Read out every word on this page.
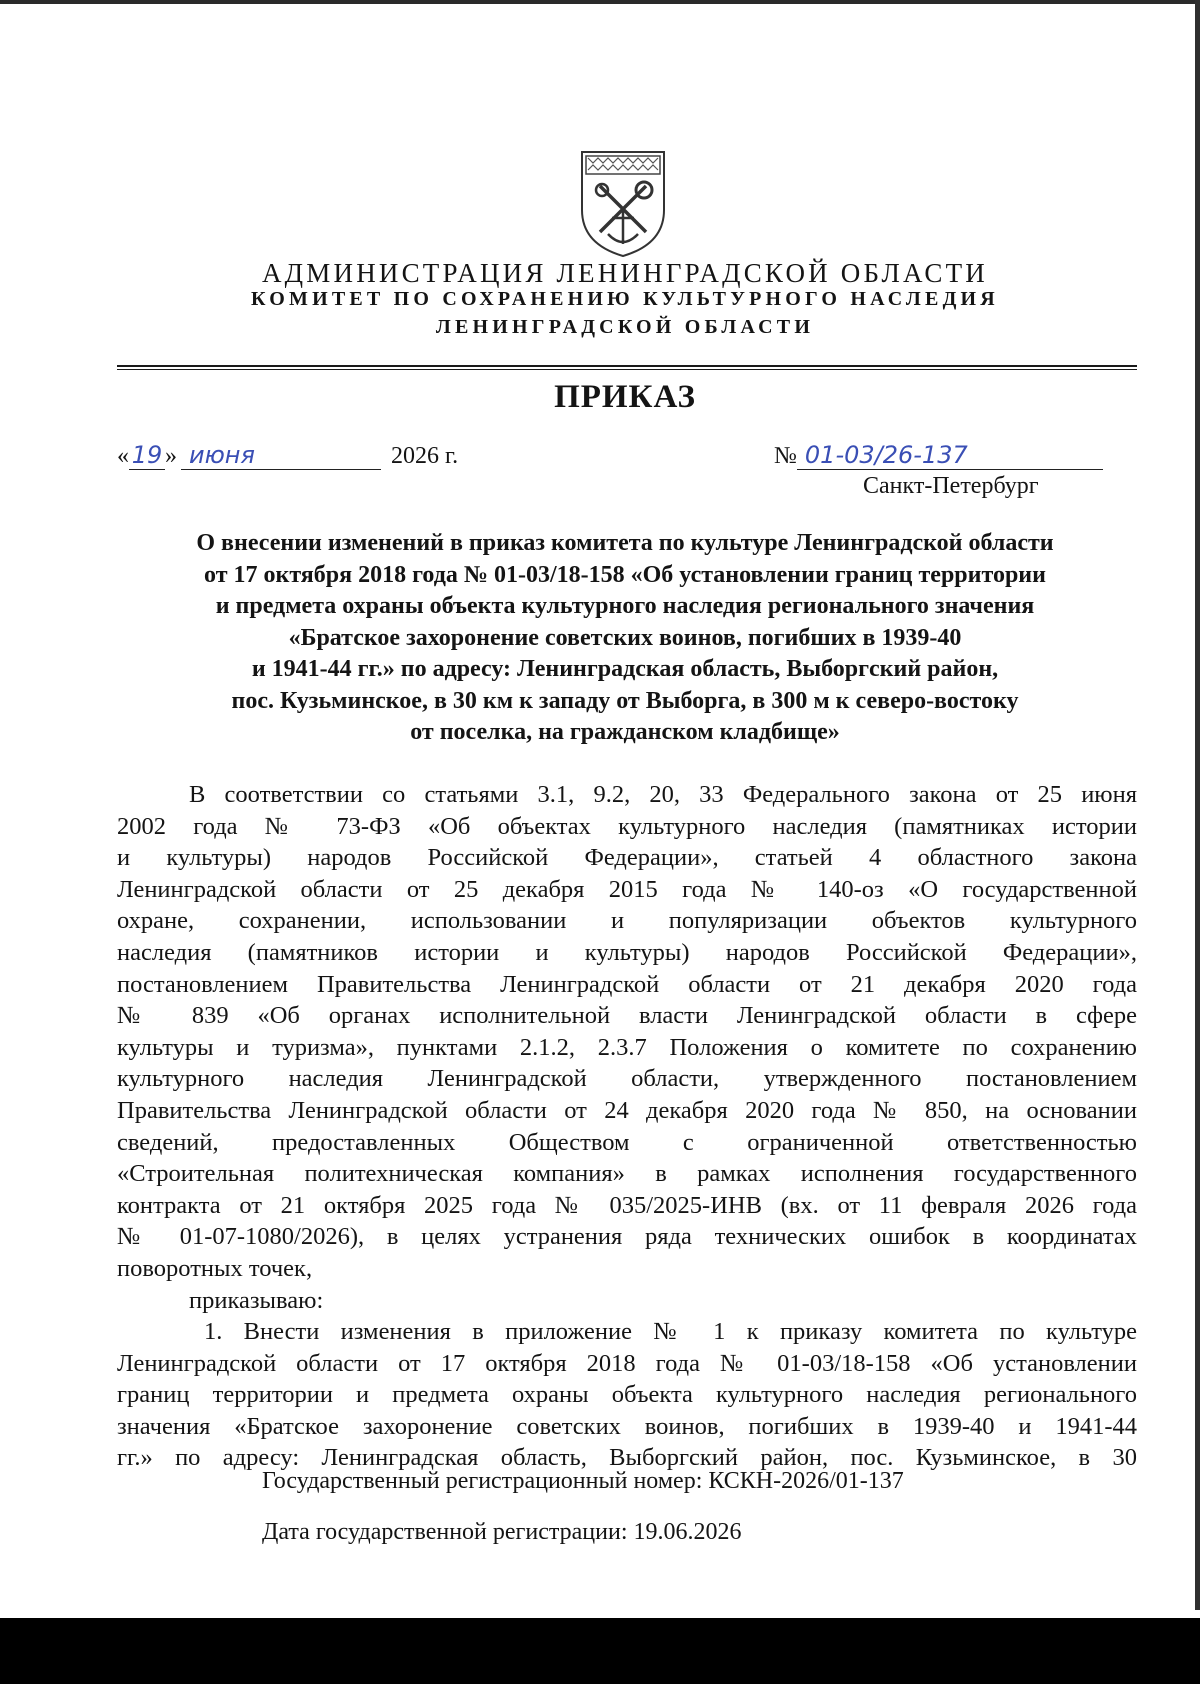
АДМИНИСТРАЦИЯ ЛЕНИНГРАДСКОЙ ОБЛАСТИ
КОМИТЕТ ПО СОХРАНЕНИЮ КУЛЬТУРНОГО НАСЛЕДИЯ
ЛЕНИНГРАДСКОЙ ОБЛАСТИ
ПРИКАЗ
« 19 » июня	2026 г.	№ 01-03/26-137
Санкт-Петербург
О внесении изменений в приказ комитета по культуре Ленинградской области
от 17 октября 2018 года № 01-03/18-158 «Об установлении границ территории
и предмета охраны объекта культурного наследия регионального значения
«Братское захоронение советских воинов, погибших в 1939-40
и 1941-44 гг.» по адресу: Ленинградская область, Выборгский район,
пос. Кузьминское, в 30 км к западу от Выборга, в 300 м к северо-востоку
от поселка, на гражданском кладбище»
В соответствии со статьями 3.1, 9.2, 20, 33 Федерального закона от 25 июня
2002 года № 73-ФЗ «Об объектах культурного наследия (памятниках истории
и культуры) народов Российской Федерации», статьей 4 областного закона
Ленинградской области от 25 декабря 2015 года № 140-оз «О государственной
охране, сохранении, использовании и популяризации объектов культурного
наследия (памятников истории и культуры) народов Российской Федерации»,
постановлением Правительства Ленинградской области от 21 декабря 2020 года
№ 839 «Об органах исполнительной власти Ленинградской области в сфере
культуры и туризма», пунктами 2.1.2, 2.3.7 Положения о комитете по сохранению
культурного наследия Ленинградской области, утвержденного постановлением
Правительства Ленинградской области от 24 декабря 2020 года № 850, на основании
сведений, предоставленных Обществом с ограниченной ответственностью
«Строительная политехническая компания» в рамках исполнения государственного
контракта от 21 октября 2025 года № 035/2025-ИНВ (вх. от 11 февраля 2026 года
№ 01-07-1080/2026), в целях устранения ряда технических ошибок в координатах
поворотных точек,
приказываю:
1. Внести изменения в приложение № 1 к приказу комитета по культуре
Ленинградской области от 17 октября 2018 года № 01-03/18-158 «Об установлении
границ территории и предмета охраны объекта культурного наследия регионального
значения «Братское захоронение советских воинов, погибших в 1939-40 и 1941-44
гг.» по адресу: Ленинградская область, Выборгский район, пос. Кузьминское, в 30
Государственный регистрационный номер: КСКН-2026/01-137
Дата государственной регистрации: 19.06.2026
